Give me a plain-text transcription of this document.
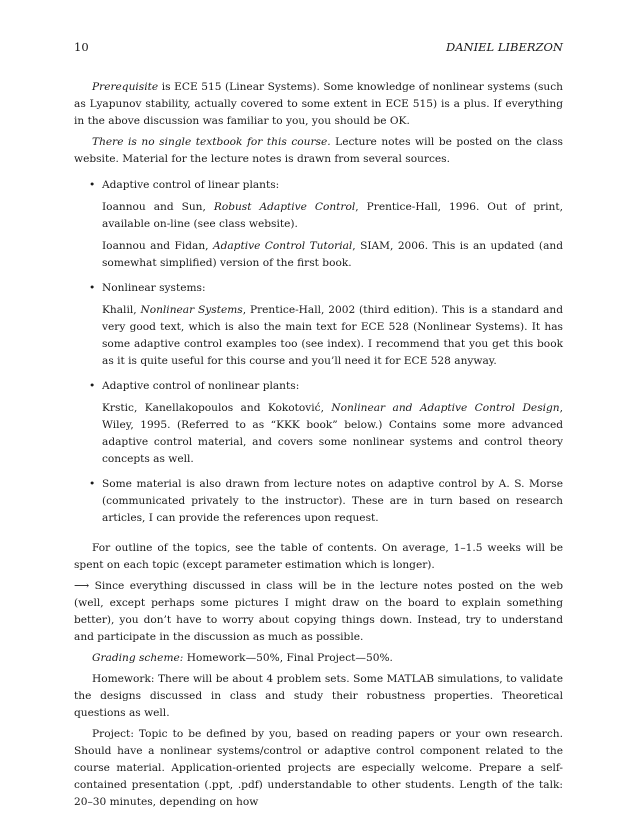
10	DANIEL LIBERZON

Prerequisite is ECE 515 (Linear Systems). Some knowledge of nonlinear systems (such as Lyapunov stability, actually covered to some extent in ECE 515) is a plus. If everything in the above discussion was familiar to you, you should be OK.

There is no single textbook for this course. Lecture notes will be posted on the class website. Material for the lecture notes is drawn from several sources.

• Adaptive control of linear plants:
Ioannou and Sun, Robust Adaptive Control, Prentice-Hall, 1996. Out of print, available on-line (see class website).
Ioannou and Fidan, Adaptive Control Tutorial, SIAM, 2006. This is an updated (and somewhat simplified) version of the first book.
• Nonlinear systems:
Khalil, Nonlinear Systems, Prentice-Hall, 2002 (third edition). This is a standard and very good text, which is also the main text for ECE 528 (Nonlinear Systems). It has some adaptive control examples too (see index). I recommend that you get this book as it is quite useful for this course and you’ll need it for ECE 528 anyway.
• Adaptive control of nonlinear plants:
Krstic, Kanellakopoulos and Kokotović, Nonlinear and Adaptive Control Design, Wiley, 1995. (Referred to as “KKK book” below.) Contains some more advanced adaptive control material, and covers some nonlinear systems and control theory concepts as well.
• Some material is also drawn from lecture notes on adaptive control by A. S. Morse (communicated privately to the instructor). These are in turn based on research articles, I can provide the references upon request.

For outline of the topics, see the table of contents. On average, 1–1.5 weeks will be spent on each topic (except parameter estimation which is longer).

⟶ Since everything discussed in class will be in the lecture notes posted on the web (well, except perhaps some pictures I might draw on the board to explain something better), you don’t have to worry about copying things down. Instead, try to understand and participate in the discussion as much as possible.

Grading scheme: Homework—50%, Final Project—50%.

Homework: There will be about 4 problem sets. Some MATLAB simulations, to validate the designs discussed in class and study their robustness properties. Theoretical questions as well.

Project: Topic to be defined by you, based on reading papers or your own research. Should have a nonlinear systems/control or adaptive control component related to the course material. Application-oriented projects are especially welcome. Prepare a self-contained presentation (.ppt, .pdf) understandable to other students. Length of the talk: 20–30 minutes, depending on how
